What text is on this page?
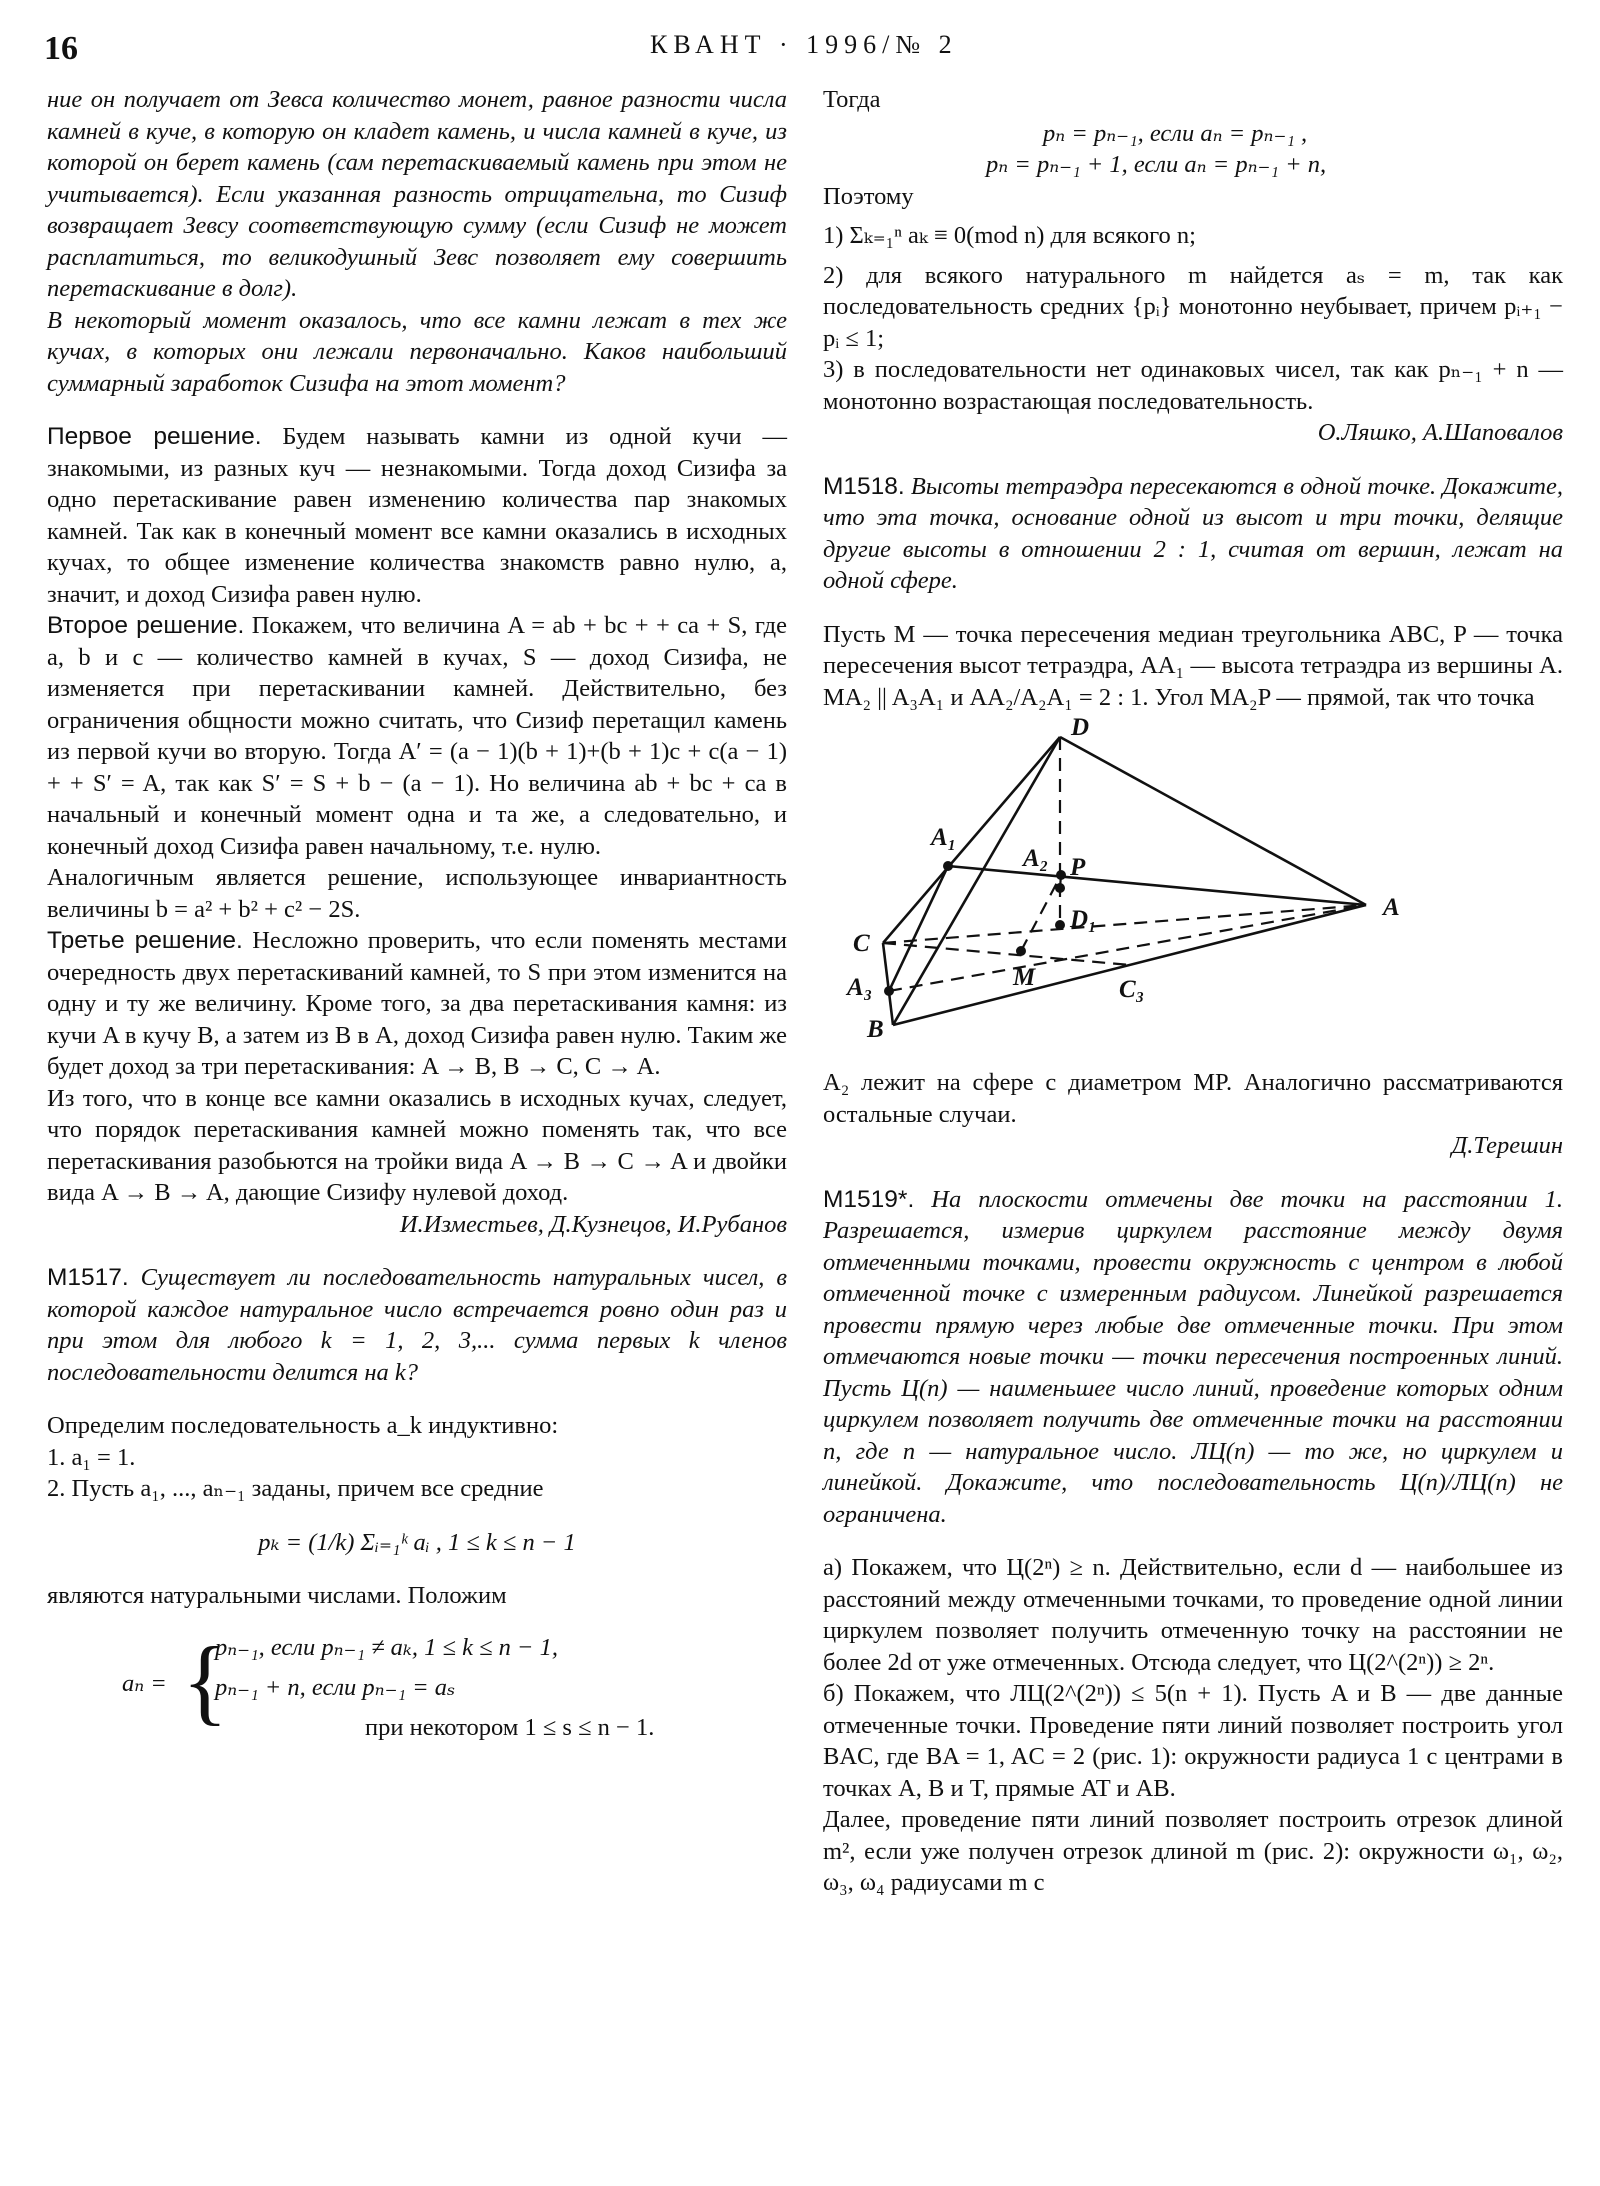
16	КВАНТ · 1996/№ 2

ние он получает от Зевса количество монет, равное разности числа камней в куче, в которую он кладет камень, и числа камней в куче, из которой он берет камень (сам перетаскиваемый камень при этом не учитывается). Если указанная разность отрицательна, то Сизиф возвращает Зевсу соответствующую сумму (если Сизиф не может расплатиться, то великодушный Зевс позволяет ему совершить перетаскивание в долг).

В некоторый момент оказалось, что все камни лежат в тех же кучах, в которых они лежали первоначально. Каков наибольший суммарный заработок Сизифа на этот момент?

Первое решение. Будем называть камни из одной кучи — знакомыми, из разных куч — незнакомыми. Тогда доход Сизифа за одно перетаскивание равен изменению количества пар знакомых камней. Так как в конечный момент все камни оказались в исходных кучах, то общее изменение количества знакомств равно нулю, а, значит, и доход Сизифа равен нулю.

Второе решение. Покажем, что величина A = ab + bc + + ca + S, где a, b и c — количество камней в кучах, S — доход Сизифа, не изменяется при перетаскивании камней. Действительно, без ограничения общности можно считать, что Сизиф перетащил камень из первой кучи во вторую. Тогда A′ = (a − 1)(b + 1)+(b + 1)c + c(a − 1) + + S′ = A, так как S′ = S + b − (a − 1). Но величина ab + bc + ca в начальный и конечный момент одна и та же, а следовательно, и конечный доход Сизифа равен начальному, т.е. нулю.

Аналогичным является решение, использующее инвариантность величины b = a² + b² + c² − 2S.

Третье решение. Несложно проверить, что если поменять местами очередность двух перетаскиваний камней, то S при этом изменится на одну и ту же величину. Кроме того, за два перетаскивания камня: из кучи A в кучу B, а затем из B в A, доход Сизифа равен нулю. Таким же будет доход за три перетаскивания: A → B, B → C, C → A.

Из того, что в конце все камни оказались в исходных кучах, следует, что порядок перетаскивания камней можно поменять так, что все перетаскивания разобьются на тройки вида A → B → C → A и двойки вида A → B → A, дающие Сизифу нулевой доход.

И.Изместьев, Д.Кузнецов, И.Рубанов

М1517. Существует ли последовательность натуральных чисел, в которой каждое натуральное число встречается ровно один раз и при этом для любого k = 1, 2, 3,... сумма первых k членов последовательности делится на k?

Определим последовательность a_k индуктивно:

1. a₁ = 1.

2. Пусть a₁, ..., aₙ₋₁ заданы, причем все средние

pₖ = (1/k) Σᵢ₌₁ᵏ aᵢ , 1 ≤ k ≤ n − 1

являются натуральными числами. Положим

aₙ = {
pₙ₋₁, если pₙ₋₁ ≠ aₖ, 1 ≤ k ≤ n − 1,
pₙ₋₁ + n, если pₙ₋₁ = aₛ
при некотором 1 ≤ s ≤ n − 1.

Тогда

pₙ = pₙ₋₁, если aₙ = pₙ₋₁ ,

pₙ = pₙ₋₁ + 1, если aₙ = pₙ₋₁ + n,

Поэтому

1) Σₖ₌₁ⁿ aₖ ≡ 0(mod n) для всякого n;

2) для всякого натурального m найдется aₛ = m, так как последовательность средних {pᵢ} монотонно неубывает, причем pᵢ₊₁ − pᵢ ≤ 1;

3) в последовательности нет одинаковых чисел, так как pₙ₋₁ + n — монотонно возрастающая последовательность.

О.Ляшко, А.Шаповалов

М1518. Высоты тетраэдра пересекаются в одной точке. Докажите, что эта точка, основание одной из высот и три точки, делящие другие высоты в отношении 2 : 1, считая от вершин, лежат на одной сфере.

Пусть M — точка пересечения медиан треугольника ABC, P — точка пересечения высот тетраэдра, AA₁ — высота тетраэдра из вершины A. MA₂ || A₃A₁ и AA₂/A₂A₁ = 2 : 1. Угол MA₂P — прямой, так что точка

D
A₁
A₂ P
C
D₁	A
A₃	M	C₃
B

A₂ лежит на сфере с диаметром MP. Аналогично рассматриваются остальные случаи.

Д.Терешин

М1519*. На плоскости отмечены две точки на расстоянии 1. Разрешается, измерив циркулем расстояние между двумя отмеченными точками, провести окружность с центром в любой отмеченной точке с измеренным радиусом. Линейкой разрешается провести прямую через любые две отмеченные точки. При этом отмечаются новые точки — точки пересечения построенных линий. Пусть Ц(n) — наименьшее число линий, проведение которых одним циркулем позволяет получить две отмеченные точки на расстоянии n, где n — натуральное число. ЛЦ(n) — то же, но циркулем и линейкой. Докажите, что последовательность Ц(n)/ЛЦ(n) не ограничена.

а) Покажем, что Ц(2ⁿ) ≥ n. Действительно, если d — наибольшее из расстояний между отмеченными точками, то проведение одной линии циркулем позволяет получить отмеченную точку на расстоянии не более 2d от уже отмеченных. Отсюда следует, что Ц(2^(2ⁿ)) ≥ 2ⁿ.

б) Покажем, что ЛЦ(2^(2ⁿ)) ≤ 5(n + 1). Пусть A и B — две данные отмеченные точки. Проведение пяти линий позволяет построить угол BAC, где BA = 1, AC = 2 (рис. 1): окружности радиуса 1 с центрами в точках A, B и T, прямые AT и AB.

Далее, проведение пяти линий позволяет построить отрезок длиной m², если уже получен отрезок длиной m (рис. 2): окружности ω₁, ω₂, ω₃, ω₄ радиусами m с
